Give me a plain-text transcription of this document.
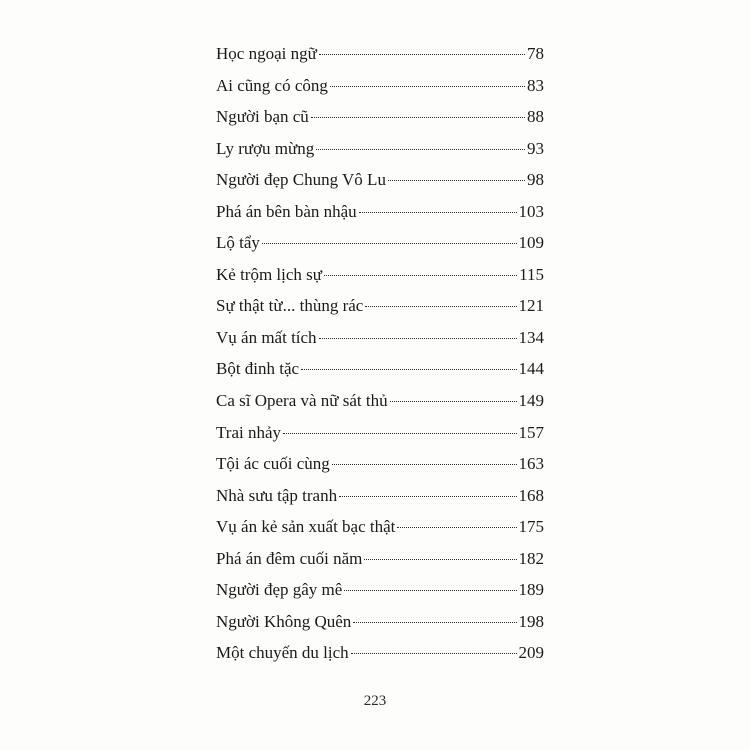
Học ngoại ngữ	78
Ai cũng có công	83
Người bạn cũ	88
Ly rượu mừng	93
Người đẹp Chung Vô Lu	98
Phá án bên bàn nhậu	103
Lộ tẩy	109
Kẻ trộm lịch sự	115
Sự thật từ... thùng rác	121
Vụ án mất tích	134
Bột đinh tặc	144
Ca sĩ Opera và nữ sát thủ	149
Trai nhảy	157
Tội ác cuối cùng	163
Nhà sưu tập tranh	168
Vụ án kẻ sản xuất bạc thật	175
Phá án đêm cuối năm	182
Người đẹp gây mê	189
Người Không Quên	198
Một chuyến du lịch	209
223
